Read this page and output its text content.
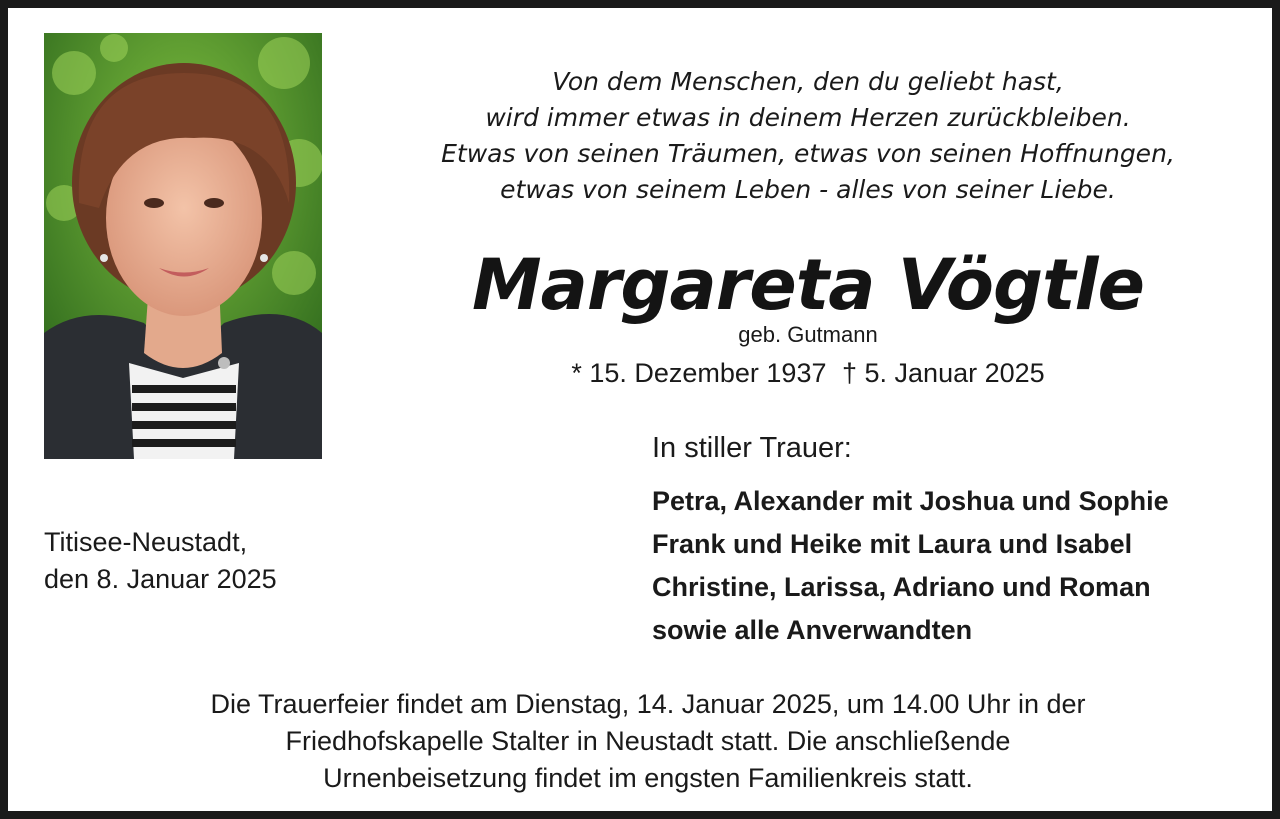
Von dem Menschen, den du geliebt hast,
wird immer etwas in deinem Herzen zurückbleiben.
Etwas von seinen Träumen, etwas von seinen Hoffnungen,
etwas von seinem Leben - alles von seiner Liebe.
Margareta Vögtle
geb. Gutmann
* 15. Dezember 1937 † 5. Januar 2025
Titisee-Neustadt,
den 8. Januar 2025
In stiller Trauer:
Petra, Alexander mit Joshua und Sophie
Frank und Heike mit Laura und Isabel
Christine, Larissa, Adriano und Roman
sowie alle Anverwandten
Die Trauerfeier findet am Dienstag, 14. Januar 2025, um 14.00 Uhr in der
Friedhofskapelle Stalter in Neustadt statt. Die anschließende
Urnenbeisetzung findet im engsten Familienkreis statt.
